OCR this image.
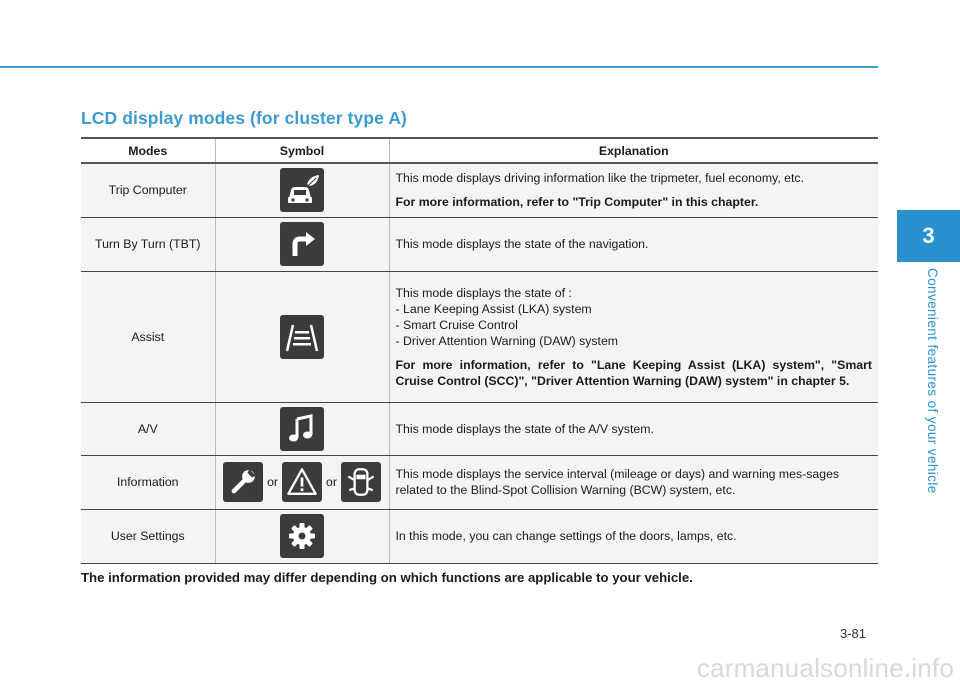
LCD display modes (for cluster type A)
3
Convenient features of your vehicle
Modes	Symbol	Explanation
Trip Computer		This mode displays driving information like the tripmeter, fuel economy, etc.

For more information, refer to "Trip Computer" in this chapter.

Turn By Turn (TBT)		This mode displays the state of the navigation.

Assist		This mode displays the state of :
- Lane Keeping Assist (LKA) system
- Smart Cruise Control
- Driver Attention Warning (DAW) system

For more information, refer to "Lane Keeping Assist (LKA) system", "Smart Cruise Control (SCC)", "Driver Attention Warning (DAW) system" in chapter 5.

A/V		This mode displays the state of the A/V system.

Information	or or	This mode displays the service interval (mileage or days) and warning mes-sages related to the Blind-Spot Collision Warning (BCW) system, etc.

User Settings		In this mode, you can change settings of the doors, lamps, etc.

The information provided may differ depending on which functions are applicable to your vehicle.
3-81
carmanualsonline.info
